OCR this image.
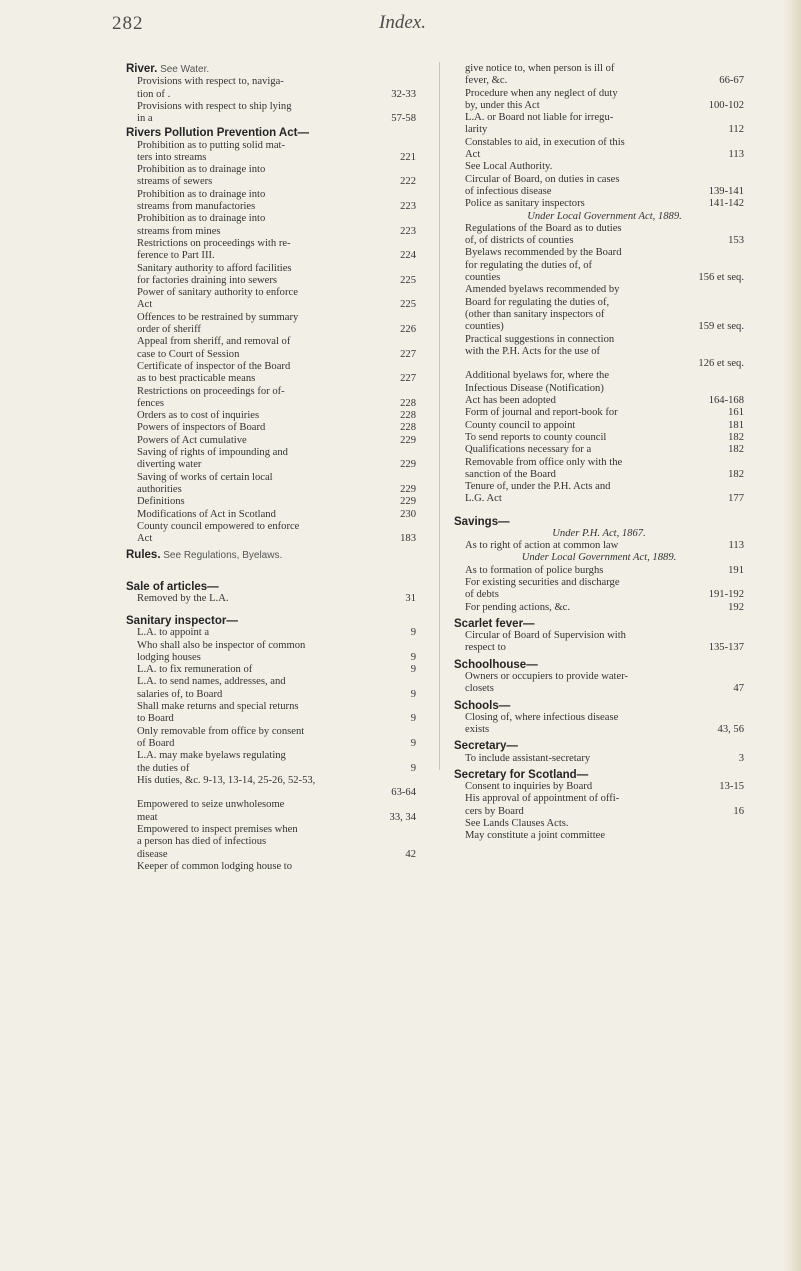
282	Index.
River. See Water.
Provisions with respect to, naviga-
tion of .	32-33
Provisions with respect to ship lying
in a	57-58
Rivers Pollution Prevention Act—
Prohibition as to putting solid mat-
ters into streams	221
Prohibition as to drainage into
streams of sewers	222
Prohibition as to drainage into
streams from manufactories	223
Prohibition as to drainage into
streams from mines	223
Restrictions on proceedings with re-
ference to Part III.	224
Sanitary authority to afford facilities
for factories draining into sewers	225
Power of sanitary authority to enforce
Act	225
Offences to be restrained by summary
order of sheriff	226
Appeal from sheriff, and removal of
case to Court of Session	227
Certificate of inspector of the Board
as to best practicable means	227
Restrictions on proceedings for of-
fences	228
Orders as to cost of inquiries	228
Powers of inspectors of Board	228
Powers of Act cumulative	229
Saving of rights of impounding and
diverting water	229
Saving of works of certain local
authorities	229
Definitions	229
Modifications of Act in Scotland	230
County council empowered to enforce
Act	183
Rules. See Regulations, Byelaws.
Sale of articles—
Removed by the L.A.	31
Sanitary inspector—
L.A. to appoint a	9
Who shall also be inspector of common
lodging houses	9
L.A. to fix remuneration of	9
L.A. to send names, addresses, and
salaries of, to Board	9
Shall make returns and special returns
to Board	9
Only removable from office by consent
of Board	9
L.A. may make byelaws regulating
the duties of	9
His duties, &c. 9-13, 13-14, 25-26, 52-53,
63-64
Empowered to seize unwholesome
meat	33, 34
Empowered to inspect premises when
a person has died of infectious
disease	42
Keeper of common lodging house to
give notice to, when person is ill of
fever, &c.	66-67
Procedure when any neglect of duty
by, under this Act	100-102
L.A. or Board not liable for irregu-
larity	112
Constables to aid, in execution of this
Act	113
See Local Authority.
Circular of Board, on duties in cases
of infectious disease	139-141
Police as sanitary inspectors	141-142
Under Local Government Act, 1889.
Regulations of the Board as to duties
of, of districts of counties	153
Byelaws recommended by the Board
for regulating the duties of, of
counties	156 et seq.
Amended byelaws recommended by
Board for regulating the duties of,
(other than sanitary inspectors of
counties)	159 et seq.
Practical suggestions in connection
with the P.H. Acts for the use of
126 et seq.
Additional byelaws for, where the
Infectious Disease (Notification)
Act has been adopted	164-168
Form of journal and report-book for	161
County council to appoint	181
To send reports to county council	182
Qualifications necessary for a	182
Removable from office only with the
sanction of the Board	182
Tenure of, under the P.H. Acts and
L.G. Act	177
Savings—
Under P.H. Act, 1867.
As to right of action at common law	113
Under Local Government Act, 1889.
As to formation of police burghs	191
For existing securities and discharge
of debts	191-192
For pending actions, &c.	192
Scarlet fever—
Circular of Board of Supervision with
respect to	135-137
Schoolhouse—
Owners or occupiers to provide water-
closets	47
Schools—
Closing of, where infectious disease
exists	43, 56
Secretary—
To include assistant-secretary	3
Secretary for Scotland—
Consent to inquiries by Board	13-15
His approval of appointment of offi-
cers by Board	16
See Lands Clauses Acts.
May constitute a joint committee
